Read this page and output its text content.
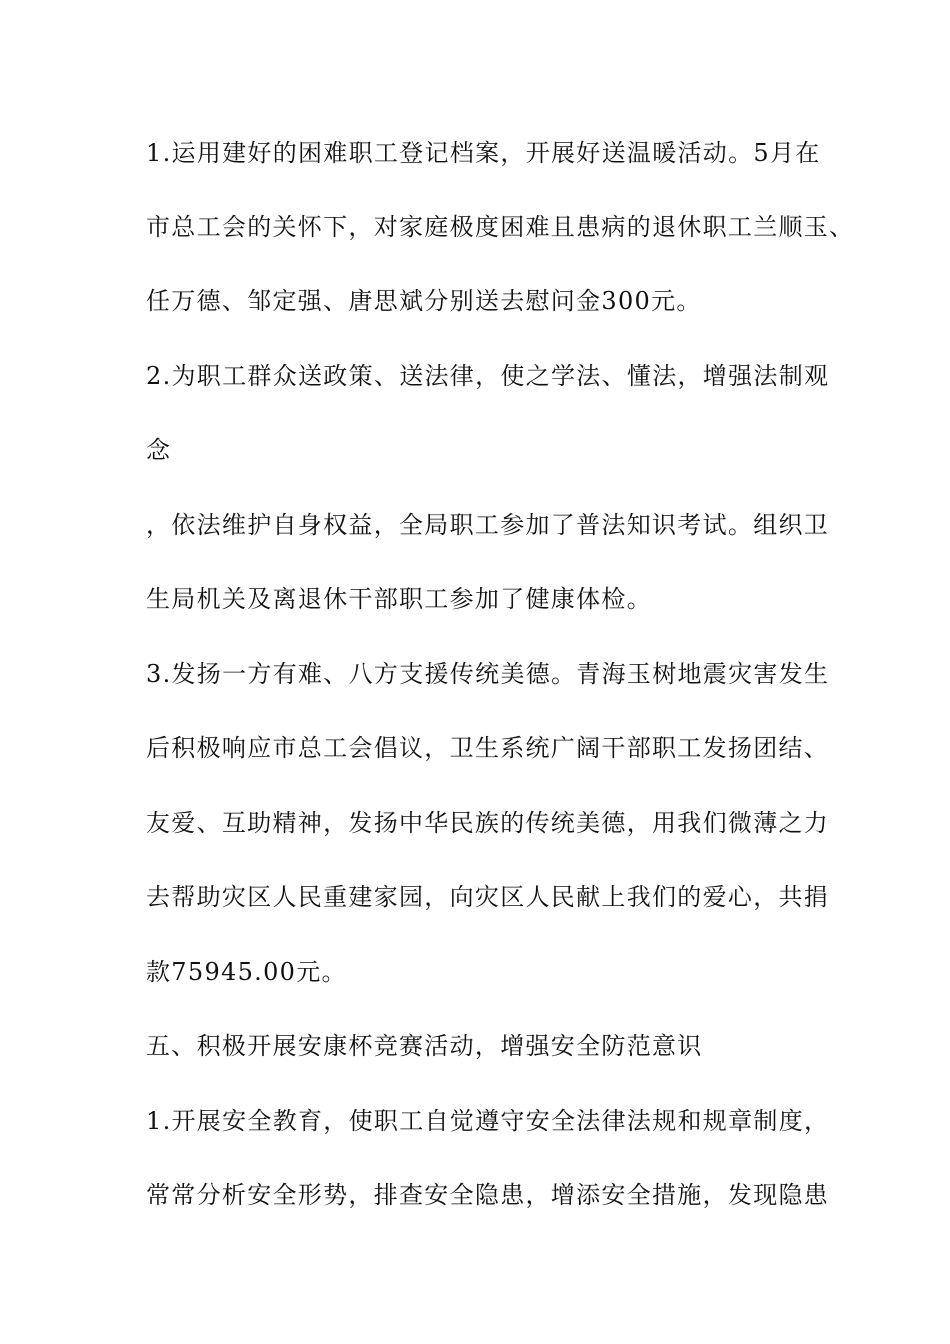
1.运用建好的困难职工登记档案，开展好送温暖活动。5月在
市总工会的关怀下，对家庭极度困难且患病的退休职工兰顺玉、
任万德、邹定强、唐思斌分别送去慰问金300元。
2.为职工群众送政策、送法律，使之学法、懂法，增强法制观
念
，依法维护自身权益，全局职工参加了普法知识考试。组织卫
生局机关及离退休干部职工参加了健康体检。
3.发扬一方有难、八方支援传统美德。青海玉树地震灾害发生
后积极响应市总工会倡议，卫生系统广阔干部职工发扬团结、
友爱、互助精神，发扬中华民族的传统美德，用我们微薄之力
去帮助灾区人民重建家园，向灾区人民献上我们的爱心，共捐
款75945.00元。
五、积极开展安康杯竞赛活动，增强安全防范意识
1.开展安全教育，使职工自觉遵守安全法律法规和规章制度，
常常分析安全形势，排查安全隐患，增添安全措施，发现隐患
